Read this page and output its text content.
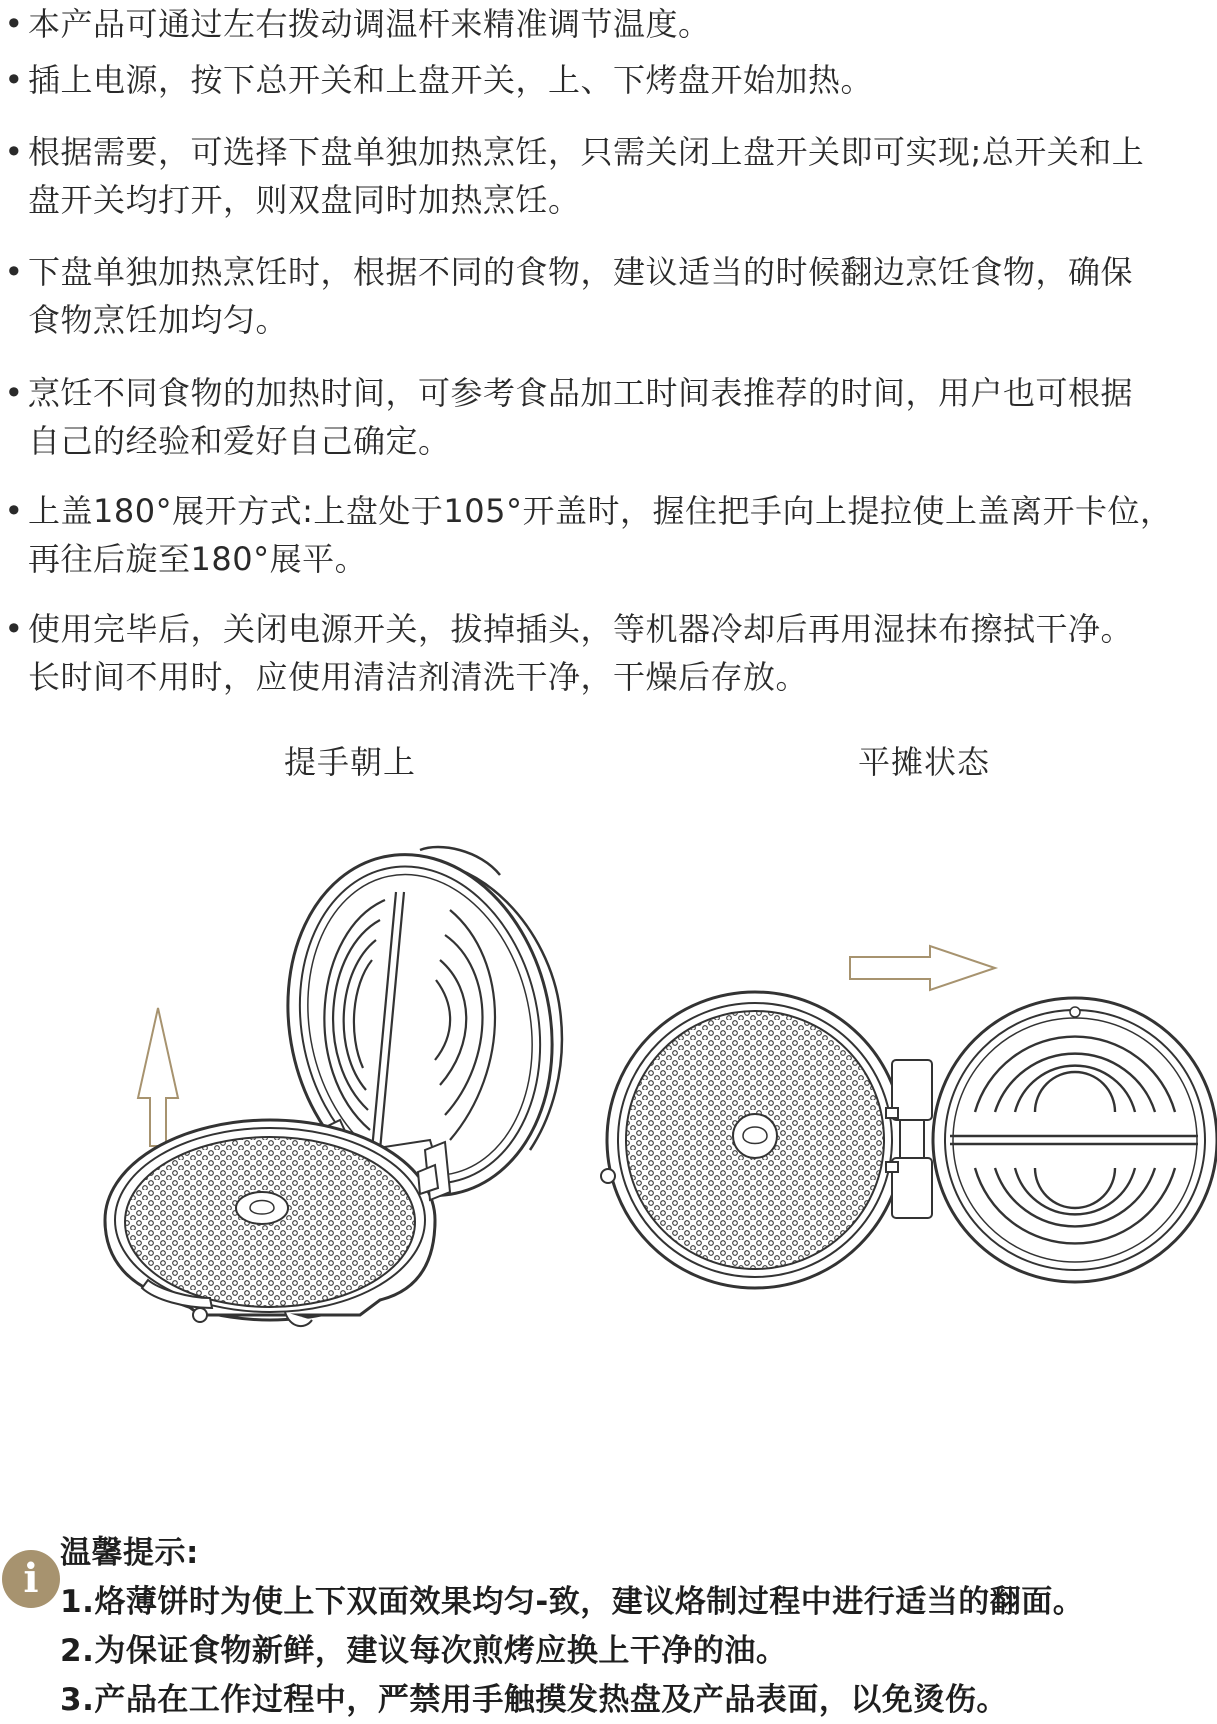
• 本产品可通过左右拨动调温杆来精准调节温度。
• 插上电源，按下总开关和上盘开关，上、下烤盘开始加热。
• 根据需要，可选择下盘单独加热烹饪，只需关闭上盘开关即可实现;总开关和上
盘开关均打开，则双盘同时加热烹饪。
• 下盘单独加热烹饪时，根据不同的食物，建议适当的时候翻边烹饪食物，确保
食物烹饪加均匀。
• 烹饪不同食物的加热时间，可参考食品加工时间表推荐的时间，用户也可根据
自己的经验和爱好自己确定。
• 上盖180°展开方式:上盘处于105°开盖时，握住把手向上提拉使上盖离开卡位，
再往后旋至180°展平。
• 使用完毕后，关闭电源开关，拔掉插头，等机器冷却后再用湿抹布擦拭干净。
长时间不用时，应使用清洁剂清洗干净，干燥后存放。
提手朝上	平摊状态
i
温馨提示:
1.烙薄饼时为使上下双面效果均匀-致，建议烙制过程中进行适当的翻面。
2.为保证食物新鲜，建议每次煎烤应换上干净的油。
3.产品在工作过程中，严禁用手触摸发热盘及产品表面，以免烫伤。
